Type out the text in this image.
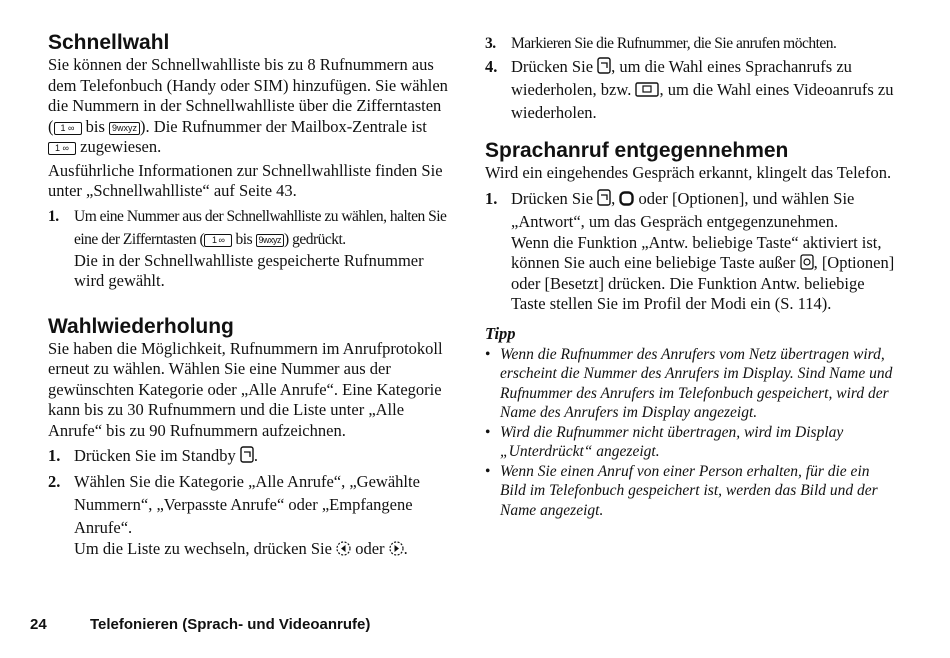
Schnellwahl

Sie können der Schnellwahlliste bis zu 8 Rufnummern aus dem Telefonbuch (Handy oder SIM) hinzufügen. Sie wählen die Nummern in der Schnellwahlliste über die Zifferntasten ( 1 ∞ bis 9wxyz ). Die Rufnummer der Mailbox-Zentrale ist 1 ∞ zugewiesen.

Ausführliche Informationen zur Schnellwahlliste finden Sie unter „Schnellwahlliste“ auf Seite 43.

1. Um eine Nummer aus der Schnellwahlliste zu wählen, halten Sie eine der Zifferntasten ( 1 ∞ bis 9wxyz ) gedrückt.

Die in der Schnellwahlliste gespeicherte Rufnummer wird gewählt.

Wahlwiederholung

Sie haben die Möglichkeit, Rufnummern im Anrufprotokoll erneut zu wählen. Wählen Sie eine Nummer aus der gewünschten Kategorie oder „Alle Anrufe“. Eine Kategorie kann bis zu 30 Rufnummern und die Liste unter „Alle Anrufe“ bis zu 90 Rufnummern aufzeichnen.

1. Drücken Sie im Standby .
2. Wählen Sie die Kategorie „Alle Anrufe“, „Gewählte Nummern“, „Verpasste Anrufe“ oder „Empfangene Anrufe“.

Um die Liste zu wechseln, drücken Sie  oder .

3. Markieren Sie die Rufnummer, die Sie anrufen möchten.
4. Drücken Sie , um die Wahl eines Sprachanrufs zu wiederholen, bzw. , um die Wahl eines Videoanrufs zu wiederholen.
Sprachanruf entgegennehmen

Wird ein eingehendes Gespräch erkannt, klingelt das Telefon.

1. Drücken Sie ,  oder [Optionen], und wählen Sie „Antwort“, um das Gespräch entgegenzunehmen.

Wenn die Funktion „Antw. beliebige Taste“ aktiviert ist, können Sie auch eine beliebige Taste außer , [Optionen] oder [Besetzt] drücken. Die Funktion Antw. beliebige Taste stellen Sie im Profil der Modi ein (S. 114).

Tipp
• Wenn die Rufnummer des Anrufers vom Netz übertragen wird, erscheint die Nummer des Anrufers im Display. Sind Name und Rufnummer des Anrufers im Telefonbuch gespeichert, wird der Name des Anrufers im Display angezeigt.
• Wird die Rufnummer nicht übertragen, wird im Display „Unterdrückt“ angezeigt.
• Wenn Sie einen Anruf von einer Person erhalten, für die ein Bild im Telefonbuch gespeichert ist, werden das Bild und der Name angezeigt.
24	Telefonieren (Sprach- und Videoanrufe)
